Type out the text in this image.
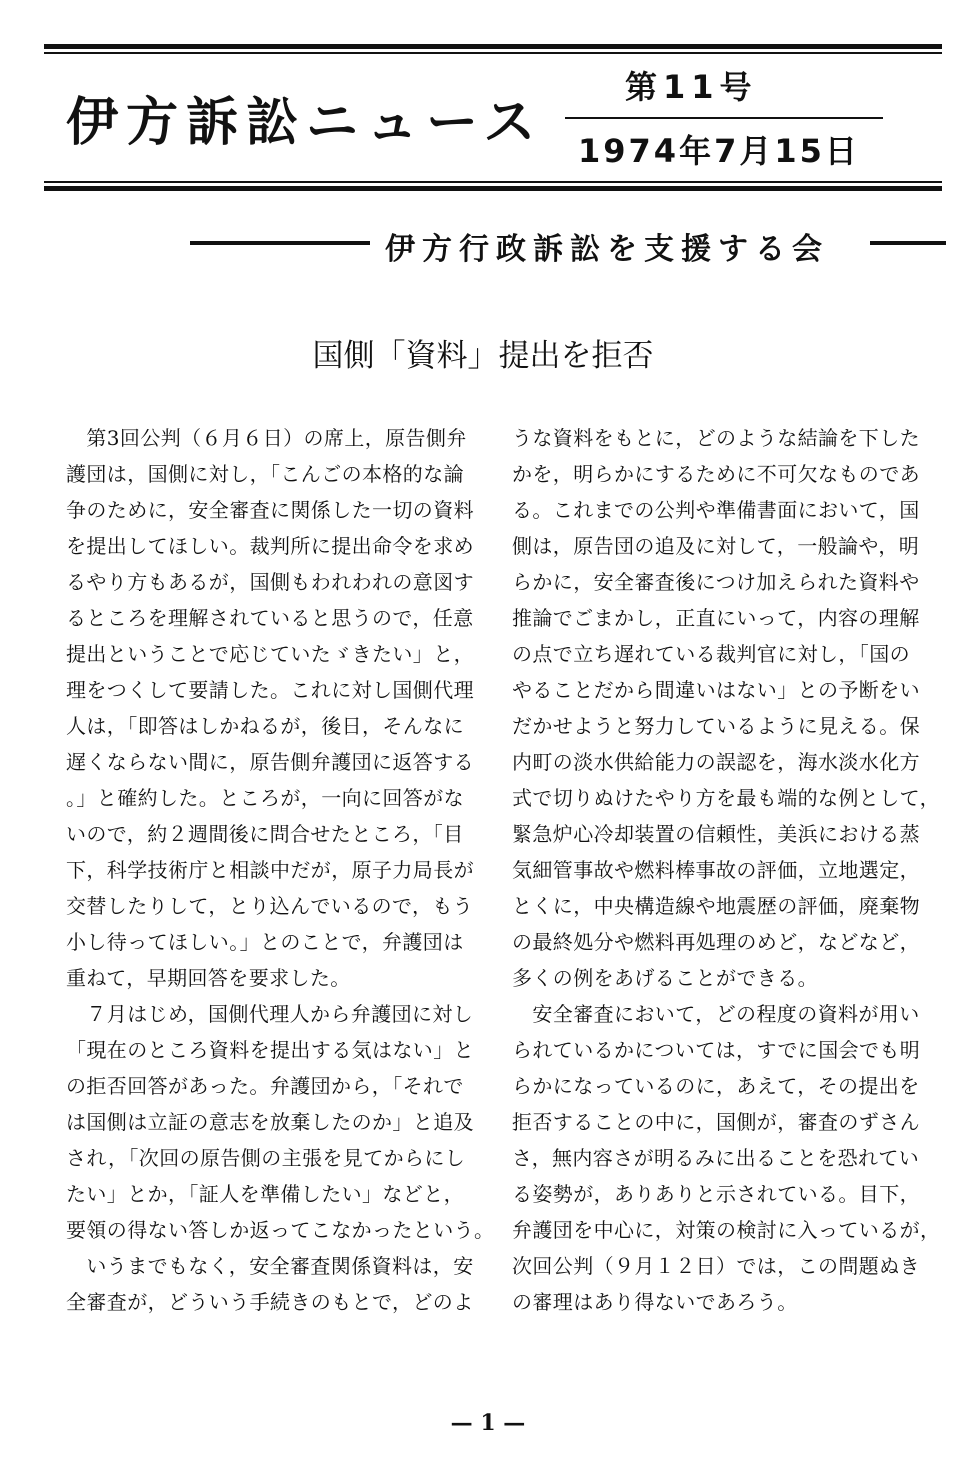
伊方訴訟ニュース
第11号
1974年7月15日
伊方行政訴訟を支援する会
国側「資料」提出を拒否
　第3回公判（６月６日）の席上，原告側弁
護団は，国側に対し，「こんごの本格的な論
争のために，安全審査に関係した一切の資料
を提出してほしい。裁判所に提出命令を求め
るやり方もあるが，国側もわれわれの意図す
るところを理解されていると思うので，任意
提出ということで応じていたゞきたい」と，
理をつくして要請した。これに対し国側代理
人は，「即答はしかねるが，後日，そんなに
遅くならない間に，原告側弁護団に返答する
。」と確約した。ところが，一向に回答がな
いので，約２週間後に問合せたところ，「目
下，科学技術庁と相談中だが，原子力局長が
交替したりして，とり込んでいるので，もう
小し待ってほしい。」とのことで，弁護団は
重ねて，早期回答を要求した。
　７月はじめ，国側代理人から弁護団に対し
「現在のところ資料を提出する気はない」と
の拒否回答があった。弁護団から，「それで
は国側は立証の意志を放棄したのか」と追及
され，「次回の原告側の主張を見てからにし
たい」とか，「証人を準備したい」などと，
要領の得ない答しか返ってこなかったという。
　いうまでもなく，安全審査関係資料は，安
全審査が，どういう手続きのもとで，どのよ
うな資料をもとに，どのような結論を下した
かを，明らかにするために不可欠なものであ
る。これまでの公判や準備書面において，国
側は，原告団の追及に対して，一般論や，明
らかに，安全審査後につけ加えられた資料や
推論でごまかし，正直にいって，内容の理解
の点で立ち遅れている裁判官に対し，「国の
やることだから間違いはない」との予断をい
だかせようと努力しているように見える。保
内町の淡水供給能力の誤認を，海水淡水化方
式で切りぬけたやり方を最も端的な例として，
緊急炉心冷却装置の信頼性，美浜における蒸
気細管事故や燃料棒事故の評価，立地選定，
とくに，中央構造線や地震歴の評価，廃棄物
の最終処分や燃料再処理のめど，などなど，
多くの例をあげることができる。
　安全審査において，どの程度の資料が用い
られているかについては，すでに国会でも明
らかになっているのに，あえて，その提出を
拒否することの中に，国側が，審査のずさん
さ，無内容さが明るみに出ることを恐れてい
る姿勢が，ありありと示されている。目下，
弁護団を中心に，対策の検討に入っているが，
次回公判（９月１２日）では，この問題ぬき
の審理はあり得ないであろう。
— 1 —
